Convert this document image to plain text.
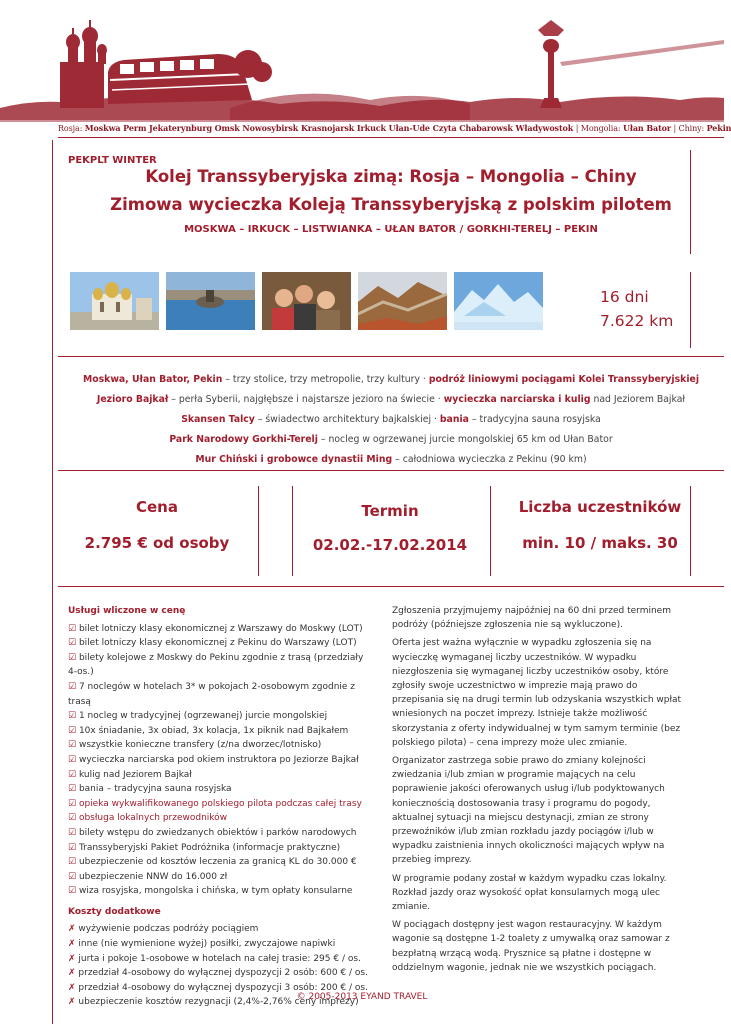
Rosja: Moskwa Perm Jekaterynburg Omsk Nowosybirsk Krasnojarsk Irkuck Ułan-Ude Czyta Chabarowsk Władywostok | Mongolia: Ułan Bator | Chiny: Pekin
PEKPLT WINTER
Kolej Transsyberyjska zimą: Rosja – Mongolia – Chiny
Zimowa wycieczka Koleją Transsyberyjską z polskim pilotem
MOSKWA – IRKUCK – LISTWIANKA – UŁAN BATOR / GORKHI-TERELJ – PEKIN
16 dni
7.622 km
Moskwa, Ułan Bator, Pekin – trzy stolice, trzy metropolie, trzy kultury · podróż liniowymi pociągami Kolei Transsyberyjskiej
Jezioro Bajkał – perła Syberii, najgłębsze i najstarsze jezioro na świecie · wycieczka narciarska i kulig nad Jeziorem Bajkał
Skansen Talcy – świadectwo architektury bajkalskiej · bania – tradycyjna sauna rosyjska
Park Narodowy Gorkhi-Terelj – nocleg w ogrzewanej jurcie mongolskiej 65 km od Ułan Bator
Mur Chiński i grobowce dynastii Ming – całodniowa wycieczka z Pekinu (90 km)
Cena
2.795 € od osoby
Termin
02.02.-17.02.2014
Liczba uczestników
min. 10 / maks. 30
Usługi wliczone w cenę
☑ bilet lotniczy klasy ekonomicznej z Warszawy do Moskwy (LOT)
☑ bilet lotniczy klasy ekonomicznej z Pekinu do Warszawy (LOT)
☑ bilety kolejowe z Moskwy do Pekinu zgodnie z trasą (przedziały 4-os.)
☑ 7 noclegów w hotelach 3* w pokojach 2-osobowym zgodnie z trasą
☑ 1 nocleg w tradycyjnej (ogrzewanej) jurcie mongolskiej
☑ 10x śniadanie, 3x obiad, 3x kolacja, 1x piknik nad Bajkałem
☑ wszystkie konieczne transfery (z/na dworzec/lotnisko)
☑ wycieczka narciarska pod okiem instruktora po Jeziorze Bajkał
☑ kulig nad Jeziorem Bajkał
☑ bania – tradycyjna sauna rosyjska
☑ opieka wykwalifikowanego polskiego pilota podczas całej trasy
☑ obsługa lokalnych przewodników
☑ bilety wstępu do zwiedzanych obiektów i parków narodowych
☑ Transsyberyjski Pakiet Podróżnika (informacje praktyczne)
☑ ubezpieczenie od kosztów leczenia za granicą KL do 30.000 €
☑ ubezpieczenie NNW do 16.000 zł
☑ wiza rosyjska, mongolska i chińska, w tym opłaty konsularne
Koszty dodatkowe
✗ wyżywienie podczas podróży pociągiem
✗ inne (nie wymienione wyżej) posiłki, zwyczajowe napiwki
✗ jurta i pokoje 1-osobowe w hotelach na całej trasie: 295 € / os.
✗ przedział 4-osobowy do wyłącznej dyspozycji 2 osób: 600 € / os.
✗ przedział 4-osobowy do wyłącznej dyspozycji 3 osób: 200 € / os.
✗ ubezpieczenie kosztów rezygnacji (2,4%-2,76% ceny imprezy)

Zgłoszenia przyjmujemy najpóźniej na 60 dni przed terminem podróży (późniejsze zgłoszenia nie są wykluczone).

Oferta jest ważna wyłącznie w wypadku zgłoszenia się na wycieczkę wymaganej liczby uczestników. W wypadku niezgłoszenia się wymaganej liczby uczestników osoby, które zgłosiły swoje uczestnictwo w imprezie mają prawo do przepisania się na drugi termin lub odzyskania wszystkich wpłat wniesionych na poczet imprezy. Istnieje także możliwość skorzystania z oferty indywidualnej w tym samym terminie (bez polskiego pilota) – cena imprezy może ulec zmianie.

Organizator zastrzega sobie prawo do zmiany kolejności zwiedzania i/lub zmian w programie mających na celu poprawienie jakości oferowanych usług i/lub podyktowanych koniecznością dostosowania trasy i programu do pogody, aktualnej sytuacji na miejscu destynacji, zmian ze strony przewoźników i/lub zmian rozkładu jazdy pociągów i/lub w wypadku zaistnienia innych okoliczności mających wpływ na przebieg imprezy.

W programie podany został w każdym wypadku czas lokalny. Rozkład jazdy oraz wysokość opłat konsularnych mogą ulec zmianie.

W pociągach dostępny jest wagon restauracyjny. W każdym wagonie są dostępne 1-2 toalety z umywalką oraz samowar z bezpłatną wrzącą wodą. Prysznice są płatne i dostępne w oddzielnym wagonie, jednak nie we wszystkich pociągach.

© 2005-2013 EYAND TRAVEL
